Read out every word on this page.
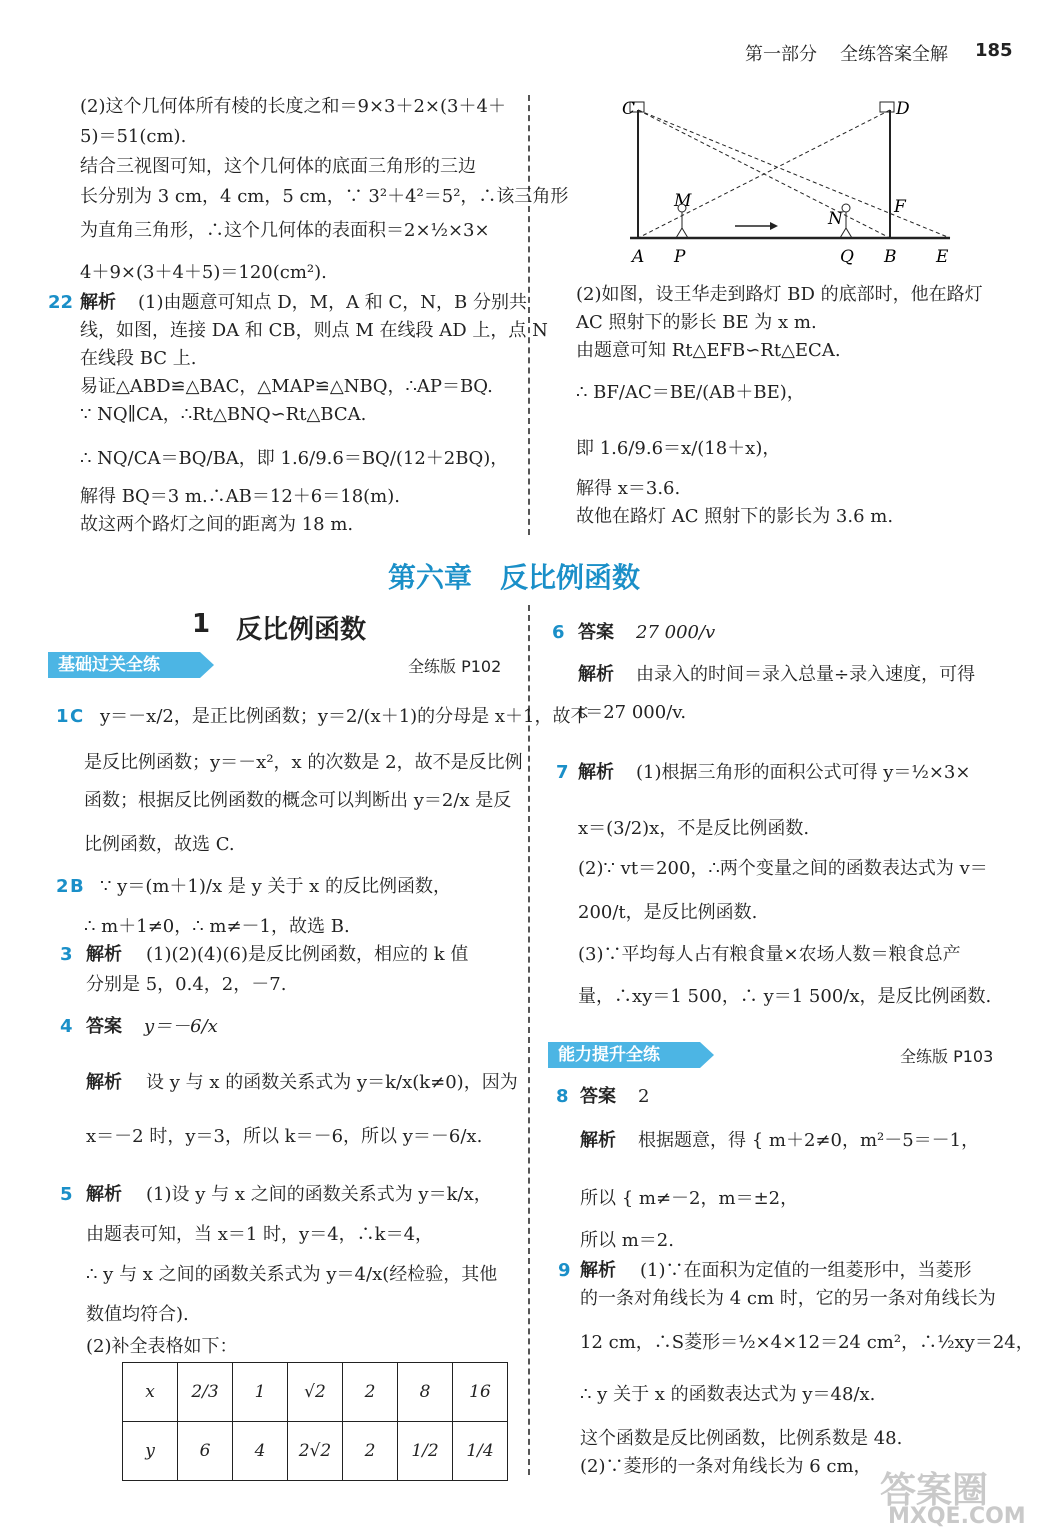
第一部分 全练答案全解 185
(2)这个几何体所有棱的长度之和＝9×3＋2×(3＋4＋
5)＝51(cm).
结合三视图可知，这个几何体的底面三角形的三边
长分别为 3 cm，4 cm，5 cm，∵ 3²＋4²＝5²，∴该三角形
为直角三角形，∴这个几何体的表面积＝2×½×3×
4＋9×(3＋4＋5)＝120(cm²).
22 解析 (1)由题意可知点 D，M，A 和 C，N，B 分别共
线，如图，连接 DA 和 CB，则点 M 在线段 AD 上，点 N
在线段 BC 上.
易证△ABD≌△BAC，△MAP≌△NBQ，∴AP＝BQ.
∵ NQ∥CA，∴Rt△BNQ∽Rt△BCA.
∴ NQ/CA＝BQ/BA，即 1.6/9.6＝BQ/(12＋2BQ)，
解得 BQ＝3 m.∴AB＝12＋6＝18(m).
故这两个路灯之间的距离为 18 m.
C	D
M
N
F
A P	Q B E
(2)如图，设王华走到路灯 BD 的底部时，他在路灯
AC 照射下的影长 BE 为 x m.
由题意可知 Rt△EFB∽Rt△ECA.
∴ BF/AC＝BE/(AB＋BE)，
即 1.6/9.6＝x/(18＋x)，
解得 x＝3.6.
故他在路灯 AC 照射下的影长为 3.6 m.
第六章　反比例函数
1 反比例函数
基础过关全练	全练版 P102
1 C y＝－x/2，是正比例函数；y＝2/(x＋1)的分母是 x＋1，故不
是反比例函数；y＝－x²，x 的次数是 2，故不是反比例
函数；根据反比例函数的概念可以判断出 y＝2/x 是反
比例函数，故选 C.
2 B ∵ y＝(m＋1)/x 是 y 关于 x 的反比例函数，
∴ m＋1≠0，∴ m≠－1，故选 B.
3 解析 (1)(2)(4)(6)是反比例函数，相应的 k 值
分别是 5，0.4，2，－7.
4 答案 y＝－6/x
解析 设 y 与 x 的函数关系式为 y＝k/x(k≠0)，因为
x＝－2 时，y＝3，所以 k＝－6，所以 y＝－6/x.
5 解析 (1)设 y 与 x 之间的函数关系式为 y＝k/x，
由题表可知，当 x＝1 时，y＝4，∴k＝4，
∴ y 与 x 之间的函数关系式为 y＝4/x(经检验，其他
数值均符合).
(2)补全表格如下：
x	2/3	1	√2	2	8	16
y	6	4	2√2	2	1/2	1/4
6 答案 27 000/v
解析 由录入的时间＝录入总量÷录入速度，可得
t＝27 000/v.
7 解析 (1)根据三角形的面积公式可得 y＝½×3×
x＝(3/2)x，不是反比例函数.
(2)∵ vt＝200，∴两个变量之间的函数表达式为 v＝
200/t，是反比例函数.
(3)∵平均每人占有粮食量×农场人数＝粮食总产
量，∴xy＝1 500，∴ y＝1 500/x，是反比例函数.
能力提升全练	全练版 P103
8 答案 2
解析 根据题意，得 { m＋2≠0，m²－5＝－1，
所以 { m≠－2，m＝±2，
所以 m＝2.
9 解析 (1)∵在面积为定值的一组菱形中，当菱形
的一条对角线长为 4 cm 时，它的另一条对角线长为
12 cm，∴S菱形＝½×4×12＝24 cm²，∴½xy＝24，
∴ y 关于 x 的函数表达式为 y＝48/x.
这个函数是反比例函数，比例系数是 48.
(2)∵菱形的一条对角线长为 6 cm，
答案圈
MXQE.COM
